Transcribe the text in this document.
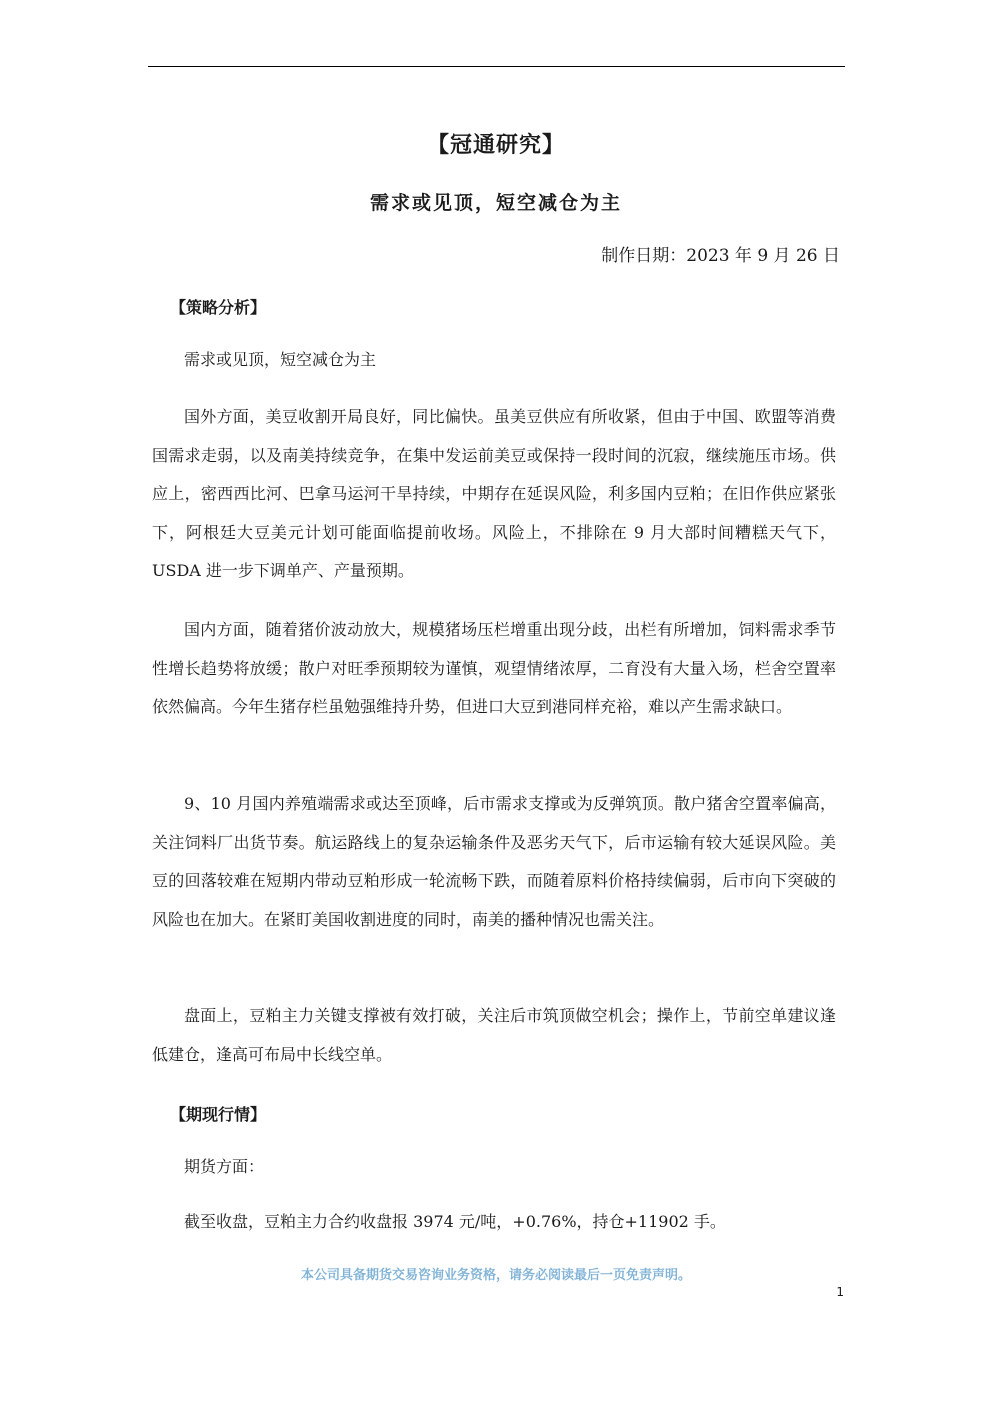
【冠通研究】
需求或见顶，短空减仓为主
制作日期：2023 年 9 月 26 日
【策略分析】
需求或见顶，短空减仓为主
国外方面，美豆收割开局良好，同比偏快。虽美豆供应有所收紧，但由于中国、欧盟等消费国需求走弱，以及南美持续竞争，在集中发运前美豆或保持一段时间的沉寂，继续施压市场。供应上，密西西比河、巴拿马运河干旱持续，中期存在延误风险，利多国内豆粕；在旧作供应紧张下，阿根廷大豆美元计划可能面临提前收场。风险上，不排除在 9 月大部时间糟糕天气下，USDA 进一步下调单产、产量预期。
国内方面，随着猪价波动放大，规模猪场压栏增重出现分歧，出栏有所增加，饲料需求季节性增长趋势将放缓；散户对旺季预期较为谨慎，观望情绪浓厚，二育没有大量入场，栏舍空置率依然偏高。今年生猪存栏虽勉强维持升势，但进口大豆到港同样充裕，难以产生需求缺口。
9、10 月国内养殖端需求或达至顶峰，后市需求支撑或为反弹筑顶。散户猪舍空置率偏高，关注饲料厂出货节奏。航运路线上的复杂运输条件及恶劣天气下，后市运输有较大延误风险。美豆的回落较难在短期内带动豆粕形成一轮流畅下跌，而随着原料价格持续偏弱，后市向下突破的风险也在加大。在紧盯美国收割进度的同时，南美的播种情况也需关注。
盘面上，豆粕主力关键支撑被有效打破，关注后市筑顶做空机会；操作上，节前空单建议逢低建仓，逢高可布局中长线空单。
【期现行情】
期货方面：
截至收盘，豆粕主力合约收盘报 3974 元/吨，+0.76%，持仓+11902 手。
本公司具备期货交易咨询业务资格，请务必阅读最后一页免责声明。
1
